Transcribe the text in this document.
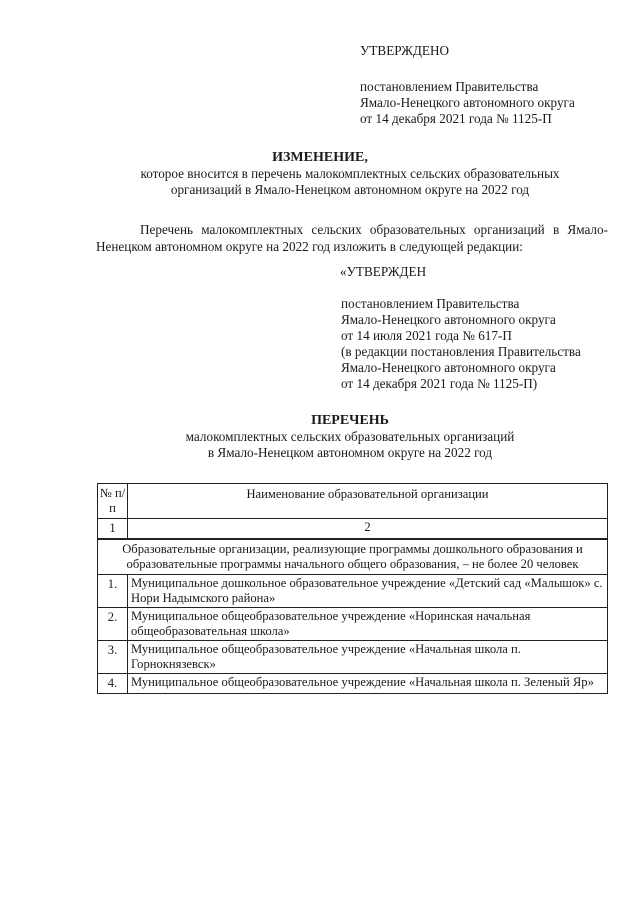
УТВЕРЖДЕНО
постановлением Правительства
Ямало-Ненецкого автономного округа
от 14 декабря 2021 года № 1125-П
ИЗМЕНЕНИЕ,
которое вносится в перечень малокомплектных сельских образовательных
организаций в Ямало-Ненецком автономном округе на 2022 год
Перечень малокомплектных сельских образовательных организаций в Ямало-Ненецком автономном округе на 2022 год изложить в следующей редакции:
«УТВЕРЖДЕН
постановлением Правительства
Ямало-Ненецкого автономного округа
от 14 июля 2021 года № 617-П
(в редакции постановления Правительства
Ямало-Ненецкого автономного округа
от 14 декабря 2021 года № 1125-П)
ПЕРЕЧЕНЬ
малокомплектных сельских образовательных организаций
в Ямало-Ненецком автономном округе на 2022 год
№ п/п	Наименование образовательной организации
1	2
Образовательные организации, реализующие программы дошкольного образования и образовательные программы начального общего образования, – не более 20 человек	
1.	Муниципальное дошкольное образовательное учреждение «Детский сад «Малышок» с. Нори Надымского района»
2.	Муниципальное общеобразовательное учреждение «Норинская начальная общеобразовательная школа»
3.	Муниципальное общеобразовательное учреждение «Начальная школа п. Горнокнязевск»
4.	Муниципальное общеобразовательное учреждение «Начальная школа п. Зеленый Яр»
